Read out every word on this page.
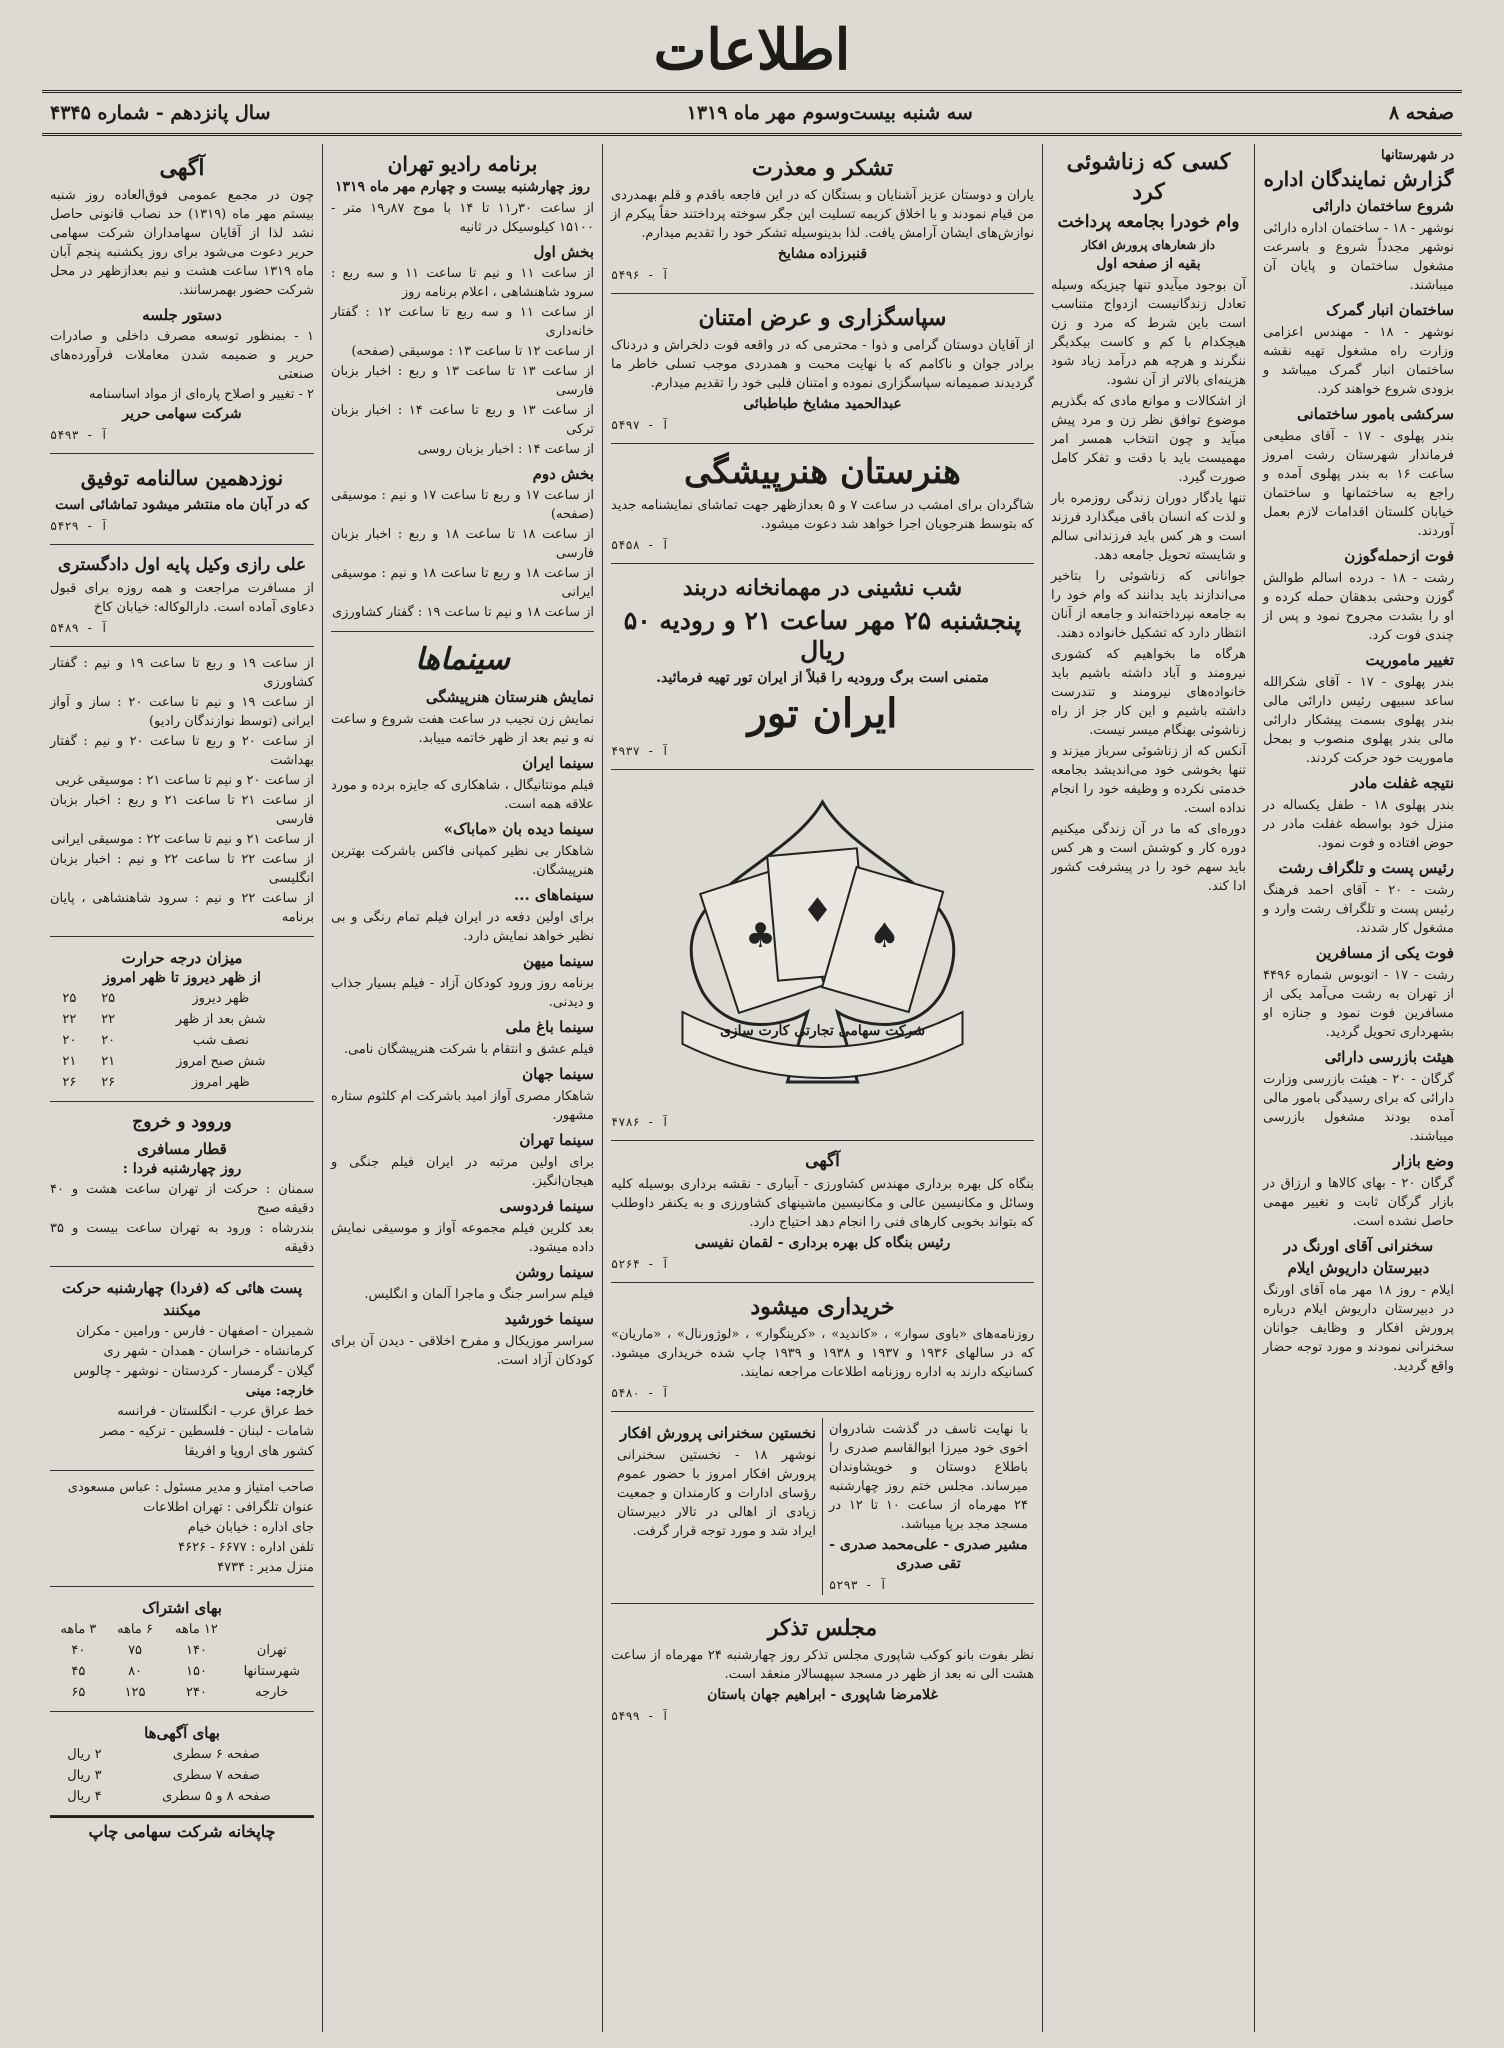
اطلاعات
صفحه ۸
سه شنبه بیست‌وسوم مهر ماه ۱۳۱۹
سال پانزدهم - شماره ۴۳۴۵
در شهرستانها
گزارش نمایندگان اداره
شروع ساختمان دارائی
نوشهر - ۱۸ - ساختمان اداره دارائی نوشهر مجدداً شروع و باسرعت مشغول ساختمان و پایان آن میباشند.
ساختمان انبار گمرک
نوشهر - ۱۸ - مهندس اعزامی وزارت راه مشغول تهیه نقشه ساختمان انبار گمرک میباشد و بزودی شروع خواهند کرد.
سرکشی بامور ساختمانی
بندر پهلوی - ۱۷ - آقای مطیعی فرماندار شهرستان رشت امروز ساعت ۱۶ به بندر پهلوی آمده و راجع به ساختمانها و ساختمان خیابان کلستان اقدامات لازم بعمل آوردند.
فوت ازحمله‌گوزن
رشت - ۱۸ - درده اسالم طوالش گوزن وحشی بدهقان حمله کرده و او را بشدت مجروح نمود و پس از چندی فوت کرد.
تغییر ماموریت
بندر پهلوی - ۱۷ - آقای شکرالله ساعد سبیهی رئیس دارائی مالی بندر پهلوی بسمت پیشکار دارائی مالی بندر پهلوی منصوب و بمحل ماموریت خود حرکت کردند.
نتیجه غفلت مادر
بندر پهلوی ۱۸ - طفل یکساله در منزل خود بواسطه غفلت مادر در حوض افتاده و فوت نمود.
رئیس پست و تلگراف رشت
رشت - ۲۰ - آقای احمد فرهنگ رئیس پست و تلگراف رشت وارد و مشغول کار شدند.
فوت یکی از مسافرین
رشت - ۱۷ - اتوبوس شماره ۴۴۹۶ از تهران به رشت می‌آمد یکی از مسافرین فوت نمود و جنازه او بشهرداری تحویل گردید.
هیئت بازرسی دارائی
گرگان - ۲۰ - هیئت بازرسی وزارت دارائی که برای رسیدگی بامور مالی آمده بودند مشغول بازرسی میباشند.
وضع بازار
گرگان ۲۰ - بهای کالاها و ارزاق در بازار گرگان ثابت و تغییر مهمی حاصل نشده است.
سخنرانی آقای اورنگ در دبیرستان داریوش ایلام
ایلام - روز ۱۸ مهر ماه آقای اورنگ در دبیرستان داریوش ایلام درباره پرورش افکار و وظایف جوانان سخنرانی نمودند و مورد توجه حضار واقع گردید.
کسی که زناشوئی کرد
وام خودرا بجامعه پرداخت
داز شعارهای پرورش افکار
بقیه از صفحه اول
آن بوجود میآیدو تنها چیزیکه وسیله تعادل زندگانیست ازدواج متناسب است باین شرط که مرد و زن هیچکدام با کم و کاست بیکدیگر ننگرند و هرچه هم درآمد زیاد شود هزینه‌ای بالاتر از آن نشود.
از اشکالات و موانع مادی که بگذریم موضوع توافق نظر زن و مرد پیش میآید و چون انتخاب همسر امر مهمیست باید با دقت و تفکر کامل صورت گیرد.
تنها یادگار دوران زندگی روزمره بار و لذت که انسان باقی میگذارد فرزند است و هر کس باید فرزندانی سالم و شایسته تحویل جامعه دهد.
جوانانی که زناشوئی را بتاخیر می‌اندازند باید بدانند که وام خود را به جامعه نپرداخته‌اند و جامعه از آنان انتظار دارد که تشکیل خانواده دهند.
هرگاه ما بخواهیم که کشوری نیرومند و آباد داشته باشیم باید خانواده‌های نیرومند و تندرست داشته باشیم و این کار جز از راه زناشوئی بهنگام میسر نیست.
آنکس که از زناشوئی سرباز میزند و تنها بخوشی خود می‌اندیشد بجامعه خدمتی نکرده و وظیفه خود را انجام نداده است.
دوره‌ای که ما در آن زندگی میکنیم دوره کار و کوشش است و هر کس باید سهم خود را در پیشرفت کشور ادا کند.
تشکر و معذرت
یاران و دوستان عزیز آشنایان و بستگان که در این فاجعه باقدم و قلم بهمدردی من قیام نمودند و با اخلاق کریمه تسلیت این جگر سوخته پرداختند حقاً پیکرم از نوازش‌های ایشان آرامش یافت. لذا بدینوسیله تشکر خود را تقدیم میدارم.
قنبرزاده مشایخ
آ - ۵۴۹۶
سپاسگزاری و عرض امتنان
از آقایان دوستان گرامی و ذوا - محترمی که در واقعه فوت دلخراش و دردناک برادر جوان و ناکامم که با نهایت محبت و همدردی موجب تسلی خاطر ما گردیدند صمیمانه سپاسگزاری نموده و امتنان قلبی خود را تقدیم میدارم.
عبدالحمید مشایخ طباطبائی
آ - ۵۴۹۷
هنرستان هنرپیشگی
شاگردان برای امشب در ساعت ۷ و ۵ بعدازظهر جهت تماشای نمایشنامه جدید که بتوسط هنرجویان اجرا خواهد شد دعوت میشود.
آ - ۵۴۵۸
شب نشینی در مهمانخانه دربند
پنجشنبه ۲۵ مهر ساعت ۲۱ و رودیه ۵۰ ریال
متمنی است برگ ورودیه را قبلاً از ایران تور تهیه فرمائید.
ایران تور
آ - ۴۹۳۷
♣
♦
♠
شرکت سهامی تجارتی کارت سازی
آ - ۴۷۸۶
آگهی
بنگاه کل بهره برداری مهندس کشاورزی - آبیاری - نقشه برداری بوسیله کلیه وسائل و مکانیسین عالی و مکانیسین ماشینهای کشاورزی و به یکنفر داوطلب که بتواند بخوبی کارهای فنی را انجام دهد احتیاج دارد.
رئیس بنگاه کل بهره برداری - لقمان نفیسی
آ - ۵۲۶۴
خریداری میشود
روزنامه‌های «باوی سوار» ، «کاندید» ، «کرینگوار» ، «لوژورنال» ، «ماریان» که در سالهای ۱۹۳۶ و ۱۹۳۷ و ۱۹۳۸ و ۱۹۳۹ چاپ شده خریداری میشود. کسانیکه دارند به اداره روزنامه اطلاعات مراجعه نمایند.
آ - ۵۴۸۰
با نهایت تاسف در گذشت شادروان اخوی خود میرزا ابوالقاسم صدری را باطلاع دوستان و خویشاوندان میرساند. مجلس ختم روز چهارشنبه ۲۴ مهرماه از ساعت ۱۰ تا ۱۲ در مسجد مجد برپا میباشد.
مشیر صدری - علی‌محمد صدری - تقی صدری
آ - ۵۲۹۳
نخستین سخنرانی پرورش افکار
نوشهر ۱۸ - نخستین سخنرانی پرورش افکار امروز با حضور عموم رؤسای ادارات و کارمندان و جمعیت زیادی از اهالی در تالار دبیرستان ایراد شد و مورد توجه قرار گرفت.
مجلس تذکر
نظر بفوت بانو کوکب شاپوری مجلس تذکر روز چهارشنبه ۲۴ مهرماه از ساعت هشت الی نه بعد از ظهر در مسجد سپهسالار منعقد است.
غلامرضا شاپوری - ابراهیم جهان باستان
آ - ۵۴۹۹
برنامه رادیو تهران
روز چهارشنبه بیست و چهارم مهر ماه ۱۳۱۹
از ساعت ۳۰ر۱۱ تا ۱۴ با موج ۸۷ر۱۹ متر - ۱۵۱۰۰ کیلوسیکل در ثانیه
بخش اول
از ساعت ۱۱ و نیم تا ساعت ۱۱ و سه ربع : سرود شاهنشاهی ، اعلام برنامه روز
از ساعت ۱۱ و سه ربع تا ساعت ۱۲ : گفتار خانه‌داری
از ساعت ۱۲ تا ساعت ۱۳ : موسیقی (صفحه)
از ساعت ۱۳ تا ساعت ۱۳ و ربع : اخبار بزبان فارسی
از ساعت ۱۳ و ربع تا ساعت ۱۴ : اخبار بزبان ترکی
از ساعت ۱۴ : اخبار بزبان روسی
بخش دوم
از ساعت ۱۷ و ربع تا ساعت ۱۷ و نیم : موسیقی (صفحه)
از ساعت ۱۸ تا ساعت ۱۸ و ربع : اخبار بزبان فارسی
از ساعت ۱۸ و ربع تا ساعت ۱۸ و نیم : موسیقی ایرانی
از ساعت ۱۸ و نیم تا ساعت ۱۹ : گفتار کشاورزی
سینماها
نمایش هنرستان هنرپیشگی
نمایش زن نجیب در ساعت هفت شروع و ساعت نه و نیم بعد از ظهر خاتمه مییابد.
سینما ایران
فیلم مونتانیگال ، شاهکاری که جایزه برده و مورد علاقه همه است.
سینما دیده بان «ماباک»
شاهکار بی نظیر کمپانی فاکس باشرکت بهترین هنرپیشگان.
سینماهای ...
برای اولین دفعه در ایران فیلم تمام رنگی و بی نظیر خواهد نمایش دارد.
سینما میهن
برنامه روز ورود کودکان آزاد - فیلم بسیار جذاب و دیدنی.
سینما باغ ملی
فیلم عشق و انتقام با شرکت هنرپیشگان نامی.
سینما جهان
شاهکار مصری آواز امید باشرکت ام کلثوم ستاره مشهور.
سینما تهران
برای اولین مرتبه در ایران فیلم جنگی و هیجان‌انگیز.
سینما فردوسی
بعد کلرین فیلم مجموعه آواز و موسیقی نمایش داده میشود.
سینما روشن
فیلم سراسر جنگ و ماجرا آلمان و انگلیس.
سینما خورشید
سراسر موزیکال و مفرح اخلاقی - دیدن آن برای کودکان آزاد است.
آگهی
چون در مجمع عمومی فوق‌العاده روز شنبه بیستم مهر ماه (۱۳۱۹) حد نصاب قانونی حاصل نشد لذا از آقایان سهامداران شرکت سهامی حریر دعوت می‌شود برای روز یکشنبه پنجم آبان ماه ۱۳۱۹ ساعت هشت و نیم بعدازظهر در محل شرکت حضور بهمرسانند.
دستور جلسه
۱ - بمنظور توسعه مصرف داخلی و صادرات حریر و ضمیمه شدن معاملات فرآورده‌های صنعتی
۲ - تغییر و اصلاح پاره‌ای از مواد اساسنامه
شرکت سهامی حریر
آ - ۵۴۹۳
نوزدهمین سالنامه توفیق
که در آبان ماه منتشر میشود تماشائی است
آ - ۵۴۲۹
علی رازی وکیل پایه اول دادگستری
از مسافرت مراجعت و همه روزه برای قبول دعاوی آماده است. دارالوکاله: خیابان کاخ
آ - ۵۴۸۹
از ساعت ۱۹ و ربع تا ساعت ۱۹ و نیم : گفتار کشاورزی
از ساعت ۱۹ و نیم تا ساعت ۲۰ : ساز و آواز ایرانی (توسط نوازندگان رادیو)
از ساعت ۲۰ و ربع تا ساعت ۲۰ و نیم : گفتار بهداشت
از ساعت ۲۰ و نیم تا ساعت ۲۱ : موسیقی غربی
از ساعت ۲۱ تا ساعت ۲۱ و ربع : اخبار بزبان فارسی
از ساعت ۲۱ و نیم تا ساعت ۲۲ : موسیقی ایرانی
از ساعت ۲۲ تا ساعت ۲۲ و نیم : اخبار بزبان انگلیسی
از ساعت ۲۲ و نیم : سرود شاهنشاهی ، پایان برنامه
میزان درجه حرارت
از ظهر دیروز تا ظهر امروز
ظهر دیروز	۲۵	۲۵
شش بعد از ظهر	۲۲	۲۲
نصف شب	۲۰	۲۰
شش صبح امروز	۲۱	۲۱
ظهر امروز	۲۶	۲۶
وروود و خروج
قطار مسافری
روز چهارشنبه فردا :
سمنان : حرکت از تهران ساعت هشت و ۴۰ دقیقه صبح
بندرشاه : ورود به تهران ساعت بیست و ۳۵ دقیقه
پست هائی که (فردا) چهارشنبه حرکت میکنند
شمیران - اصفهان - فارس - ورامین - مکران
کرمانشاه - خراسان - همدان - شهر ری
گیلان - گرمسار - کردستان - نوشهر - چالوس
خارجه: مینی
خط عراق عرب - انگلستان - فرانسه
شامات - لبنان - فلسطین - ترکیه - مصر
کشور های اروپا و افریقا
صاحب امتیاز و مدیر مسئول : عباس مسعودی
عنوان تلگرافی : تهران اطلاعات
جای اداره : خیابان خیام
تلفن اداره : ۶۶۷۷ - ۴۶۲۶
منزل مدیر : ۴۷۳۴
بهای اشتراک
	۱۲ ماهه	۶ ماهه	۳ ماهه
تهران	۱۴۰	۷۵	۴۰
شهرستانها	۱۵۰	۸۰	۴۵
خارجه	۲۴۰	۱۲۵	۶۵
بهای آگهی‌ها
صفحه ۶ سطری	۲ ریال
صفحه ۷ سطری	۳ ریال
صفحه ۸ و ۵ سطری	۴ ریال
چاپخانه شرکت سهامی چاپ
